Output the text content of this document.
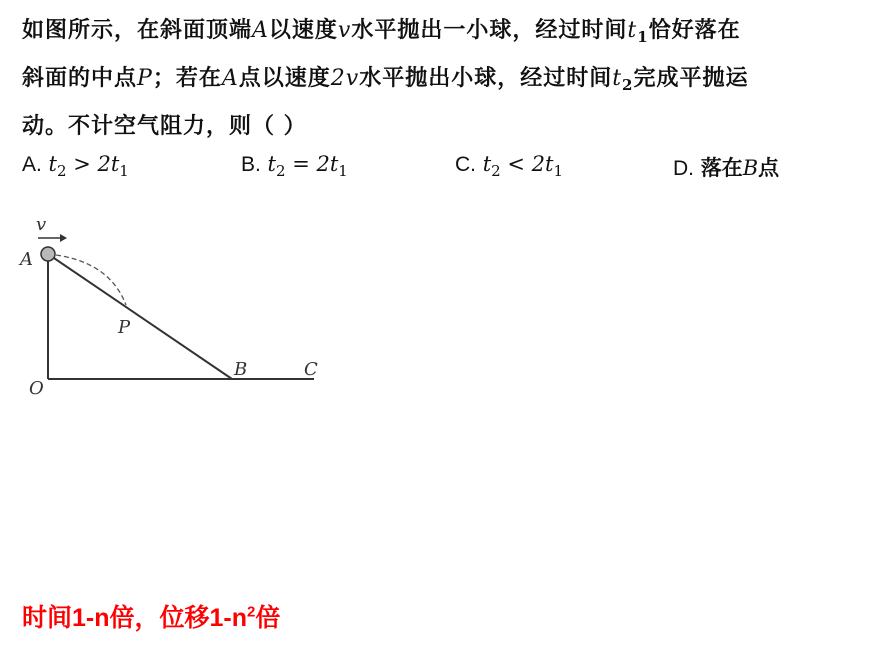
如图所示，在斜面顶端A以速度v水平抛出一小球，经过时间$t_1$恰好落在
斜面的中点P；若在A点以速度2v水平抛出小球，经过时间$t_2$完成平抛运
动。不计空气阻力，则（ ）
A. $t_2 > 2t_1$	B. $t_2 = 2t_1$	C. $t_2 < 2t_1$	D. 落在B点
v
A
P
O
B	C
时间1-n倍，位移$1-n^2$倍
